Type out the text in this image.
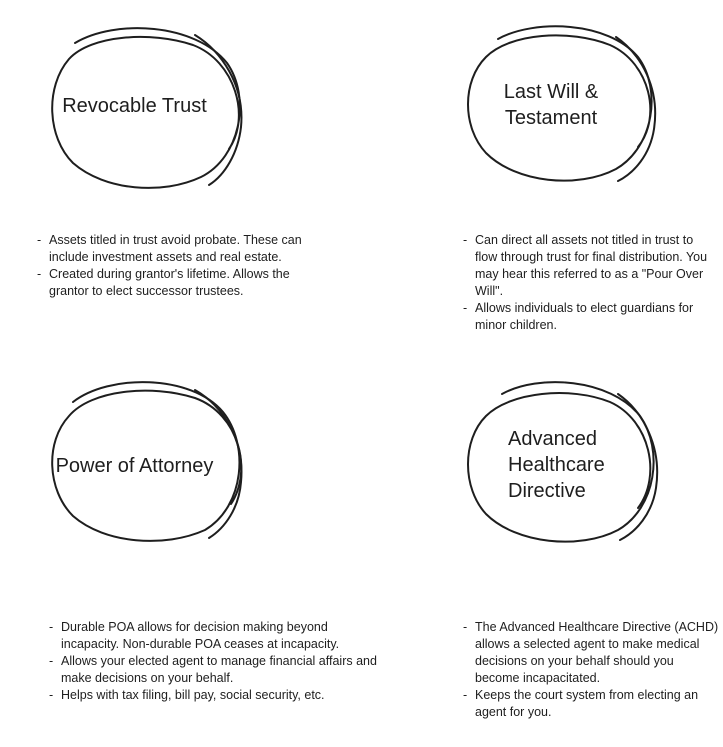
Revocable Trust
Last Will &
Testament
Power of Attorney
Advanced
Healthcare
Directive
- Assets titled in trust avoid probate. These can include investment assets and real estate.
- Created during grantor's lifetime. Allows the grantor to elect successor trustees.
- Can direct all assets not titled in trust to flow through trust for final distribution. You may hear this referred to as a "Pour Over Will".
- Allows individuals to elect guardians for minor children.
- Durable POA allows for decision making beyond incapacity. Non-durable POA ceases at incapacity.
- Allows your elected agent to manage financial affairs and make decisions on your behalf.
- Helps with tax filing, bill pay, social security, etc.
- The Advanced Healthcare Directive (ACHD) allows a selected agent to make medical decisions on your behalf should you become incapacitated.
- Keeps the court system from electing an agent for you.
